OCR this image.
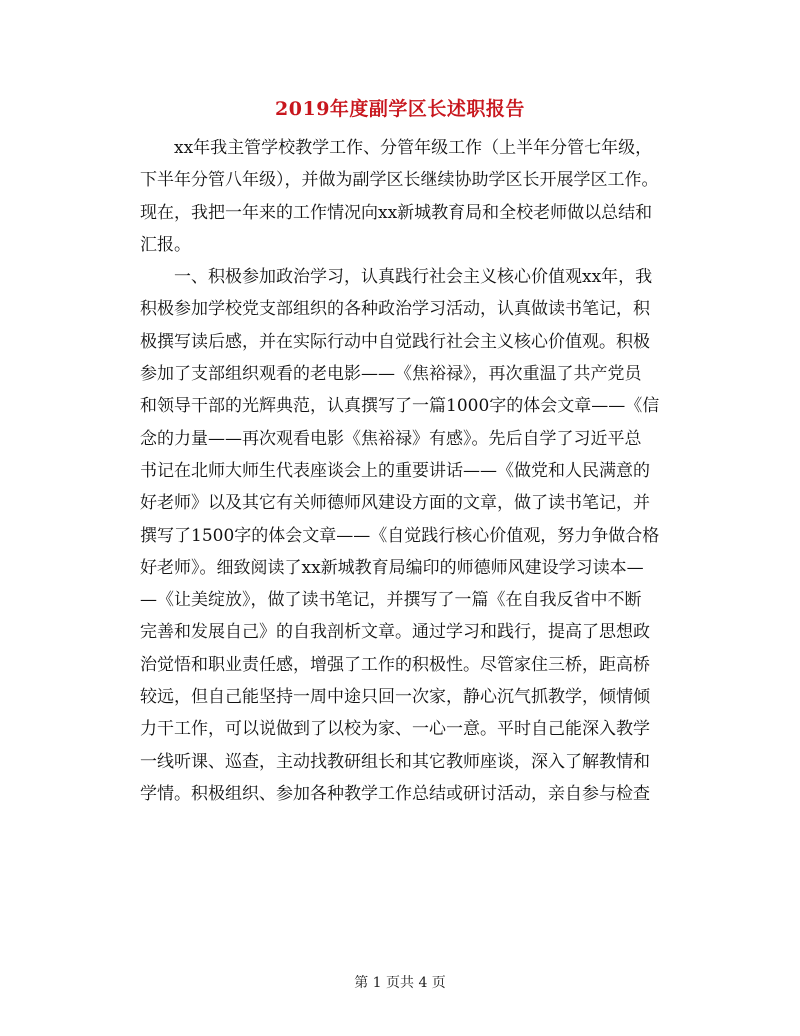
2019年度副学区长述职报告
xx年我主管学校教学工作、分管年级工作（上半年分管七年级，
下半年分管八年级），并做为副学区长继续协助学区长开展学区工作。
现在，我把一年来的工作情况向xx新城教育局和全校老师做以总结和
汇报。
一、积极参加政治学习，认真践行社会主义核心价值观xx年，我
积极参加学校党支部组织的各种政治学习活动，认真做读书笔记，积
极撰写读后感，并在实际行动中自觉践行社会主义核心价值观。积极
参加了支部组织观看的老电影——《焦裕禄》，再次重温了共产党员
和领导干部的光辉典范，认真撰写了一篇1000字的体会文章——《信
念的力量——再次观看电影《焦裕禄》有感》。先后自学了习近平总
书记在北师大师生代表座谈会上的重要讲话——《做党和人民满意的
好老师》以及其它有关师德师风建设方面的文章，做了读书笔记，并
撰写了1500字的体会文章——《自觉践行核心价值观，努力争做合格
好老师》。细致阅读了xx新城教育局编印的师德师风建设学习读本—
—《让美绽放》，做了读书笔记，并撰写了一篇《在自我反省中不断
完善和发展自己》的自我剖析文章。通过学习和践行，提高了思想政
治觉悟和职业责任感，增强了工作的积极性。尽管家住三桥，距高桥
较远，但自己能坚持一周中途只回一次家，静心沉气抓教学，倾情倾
力干工作，可以说做到了以校为家、一心一意。平时自己能深入教学
一线听课、巡查，主动找教研组长和其它教师座谈，深入了解教情和
学情。积极组织、参加各种教学工作总结或研讨活动，亲自参与检查
第 1 页共 4 页
